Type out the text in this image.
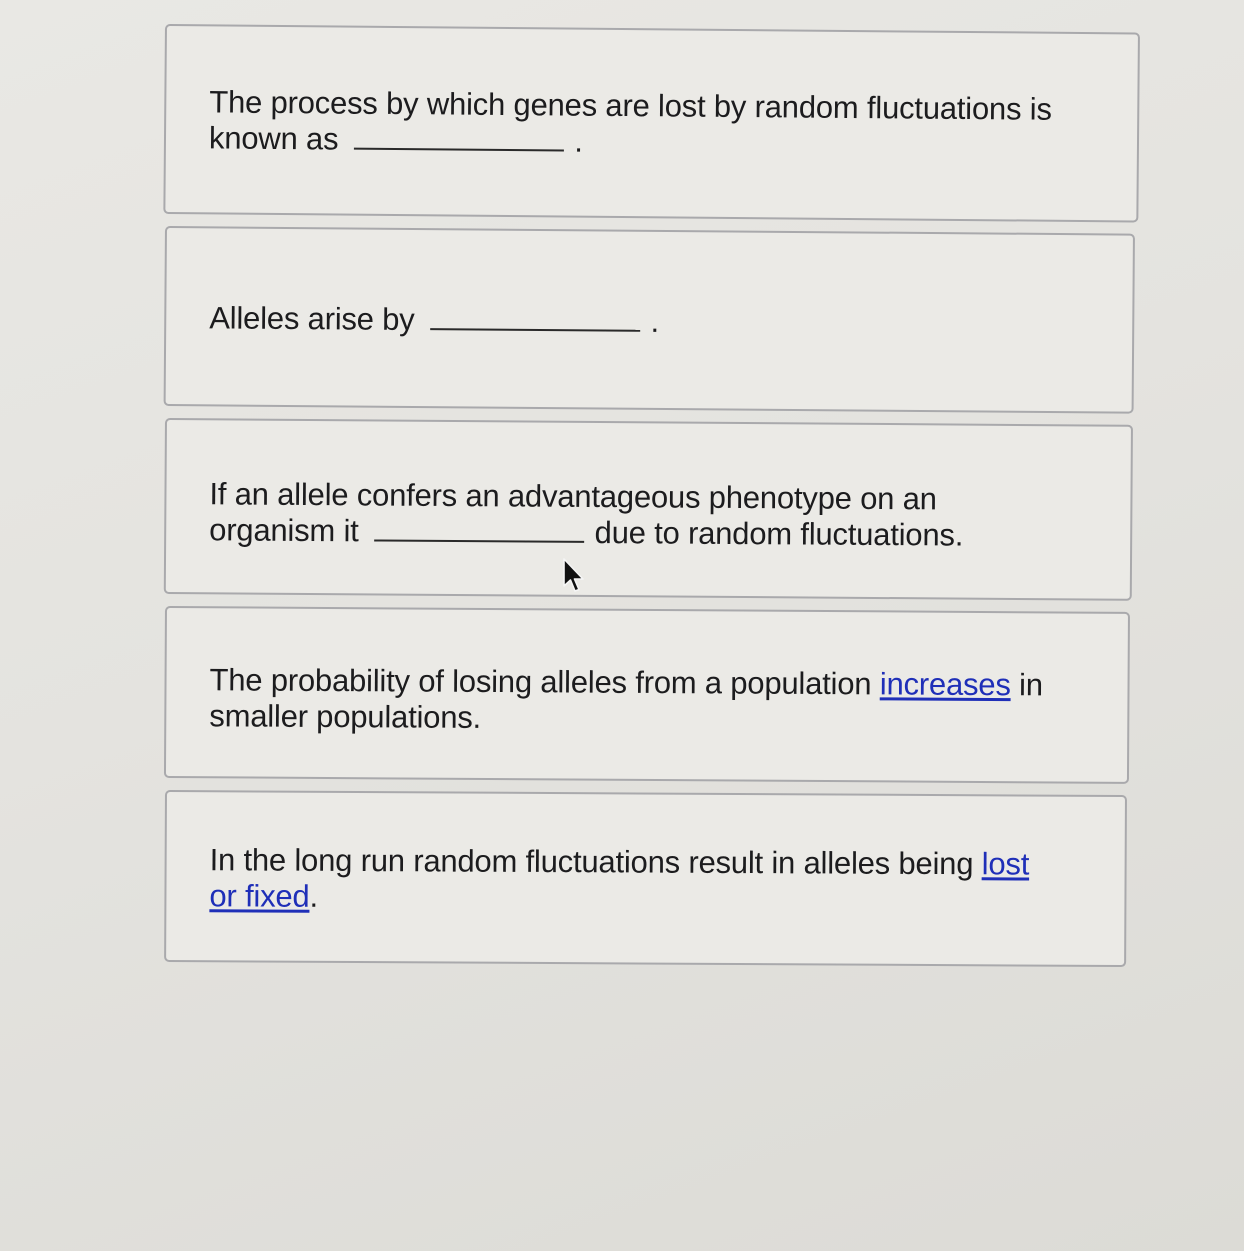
The process by which genes are lost by random fluctuations is known as	.
Alleles arise by	.
If an allele confers an advantageous phenotype on an organism it	due to random fluctuations.
The probability of losing alleles from a population increases in smaller populations.
In the long run random fluctuations result in alleles being lost or fixed.
